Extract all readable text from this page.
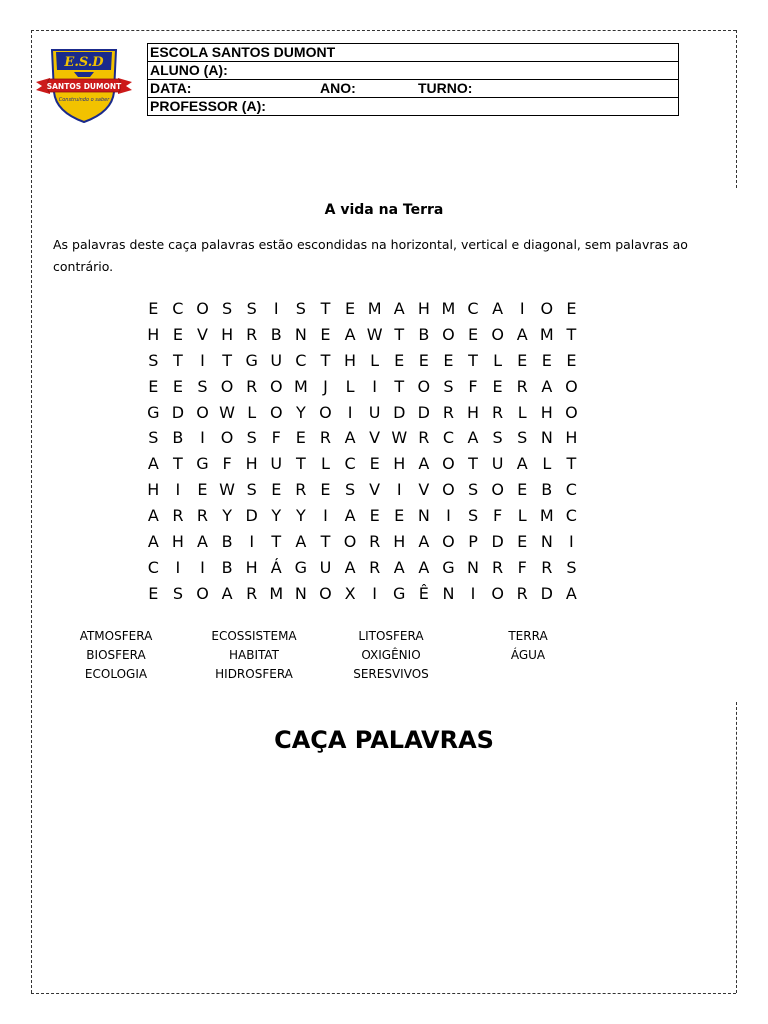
E.S.D
SANTOS DUMONT
Construindo o saber
ESCOLA SANTOS DUMONT
ALUNO (A):
DATA:	ANO:	TURNO:
PROFESSOR (A):
A vida na Terra
As palavras deste caça palavras estão escondidas na horizontal, vertical e diagonal, sem palavras ao contrário.
E C O S S	I	S T E M A H M C A	I O E
H E V H R B N E A W T B O E O A M T
S T	I	T G U C T H L E E E T L E E E
E E S O R O M J	L	I	T O S F E R A O
G D O W L O Y O I	U D D R H R L H O
S B	I O S F E R A V W R C A S S N H
A T G F H U T L C E H A O T U A L T
H	I	E W S E R E S V	I	V O S O E B C
A R R Y D Y Y	I	A E E N	I	S F L M C
A H A B	I	T A T O R H A O P D E N	I
C	I	I	B H Á G U A R A A G N R F R S
E S O A R M N O X	I	G Ê N	I O R D A
ATMOSFERA	ECOSSISTEMA	LITOSFERA	TERRA
BIOSFERA	HABITAT	OXIGÊNIO	ÁGUA
ECOLOGIA	HIDROSFERA	SERESVIVOS
CAÇA PALAVRAS
